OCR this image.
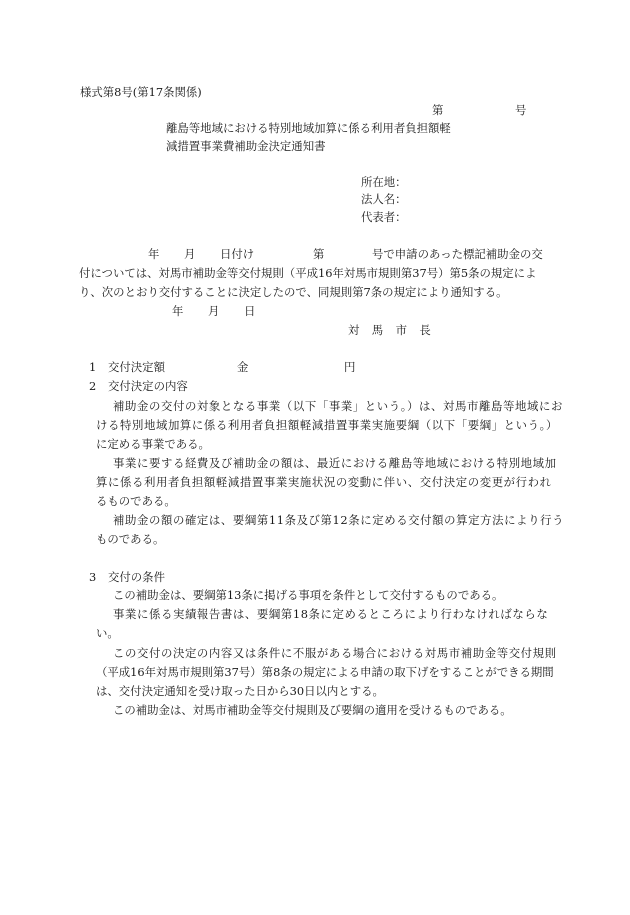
様式第8号(第17条関係)
第	号
離島等地域における特別地域加算に係る利用者負担額軽
減措置事業費補助金決定通知書
所在地：
法人名：
代表者：
年 月 日付け	第	号で申請のあった標記補助金の交
付については、対馬市補助金等交付規則（平成16年対馬市規則第37号）第5条の規定によ
り、次のとおり交付することに決定したので、同規則第7条の規定により通知する。
年 月 日
対　馬　市　長
1 交付決定額	金	円
2 交付決定の内容
補助金の交付の対象となる事業（以下「事業」という。）は、対馬市離島等地域にお
ける特別地域加算に係る利用者負担額軽減措置事業実施要綱（以下「要綱」という。）
に定める事業である。
事業に要する経費及び補助金の額は、最近における離島等地域における特別地域加
算に係る利用者負担額軽減措置事業実施状況の変動に伴い、交付決定の変更が行われ
るものである。
補助金の額の確定は、要綱第11条及び第12条に定める交付額の算定方法により行う
ものである。
3 交付の条件
この補助金は、要綱第13条に掲げる事項を条件として交付するものである。
事業に係る実績報告書は、要綱第18条に定めるところにより行わなければならな
い。
この交付の決定の内容又は条件に不服がある場合における対馬市補助金等交付規則
（平成16年対馬市規則第37号）第8条の規定による申請の取下げをすることができる期間
は、交付決定通知を受け取った日から30日以内とする。
この補助金は、対馬市補助金等交付規則及び要綱の適用を受けるものである。
